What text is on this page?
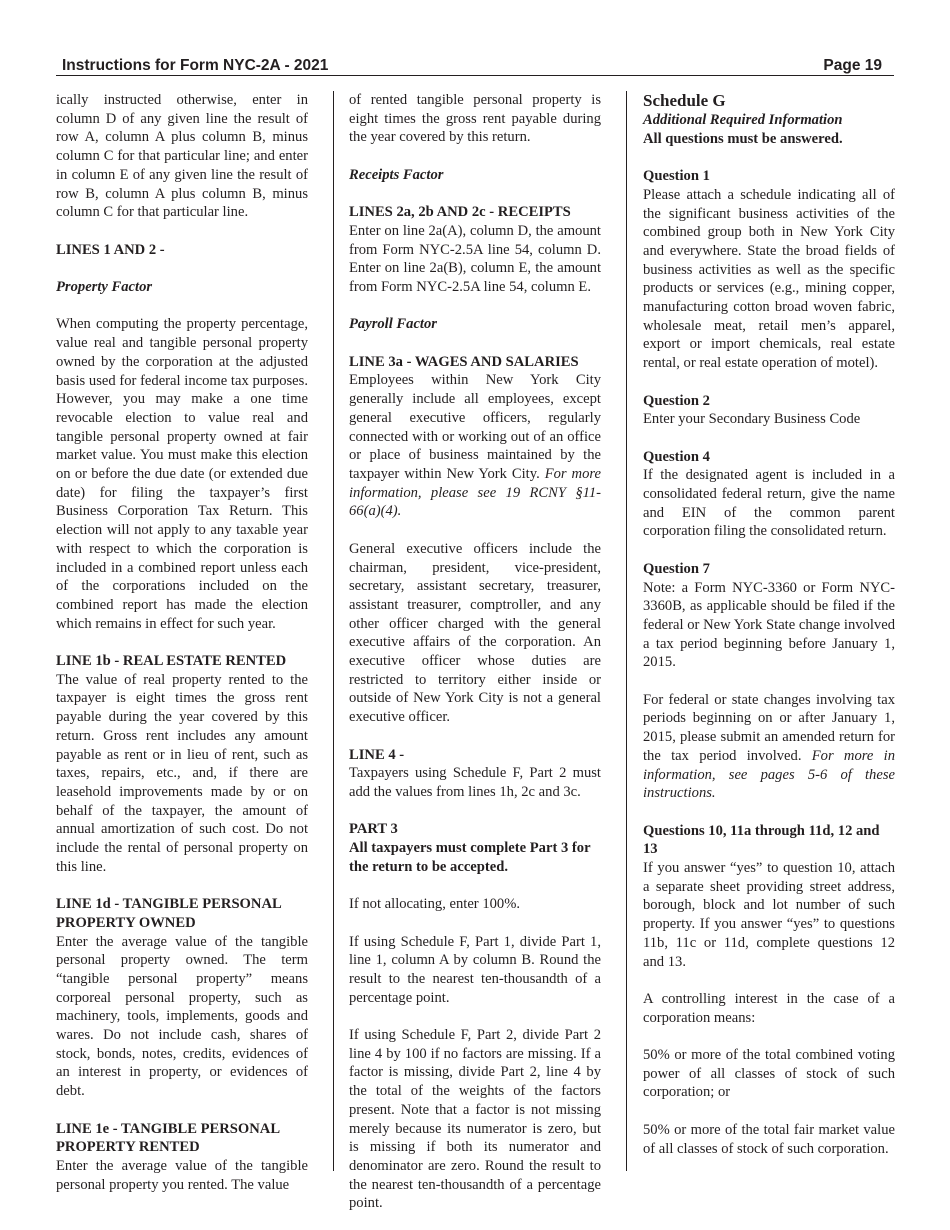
Instructions for Form NYC-2A - 2021	Page 19

ically instructed otherwise, enter in column D of any given line the result of row A, column A plus column B, minus column C for that particular line; and enter in column E of any given line the result of row B, column A plus column B, minus column C for that particular line.

LINES 1 AND 2 -

Property Factor

When computing the property percentage, value real and tangible personal property owned by the corporation at the adjusted basis used for federal income tax purposes. However, you may make a one time revocable election to value real and tangible personal property owned at fair market value. You must make this election on or before the due date (or extended due date) for filing the taxpayer’s first Business Corporation Tax Return. This election will not apply to any taxable year with respect to which the corporation is included in a combined report unless each of the corporations included on the combined report has made the election which remains in effect for such year.

LINE 1b - REAL ESTATE RENTED

The value of real property rented to the taxpayer is eight times the gross rent payable during the year covered by this return. Gross rent includes any amount payable as rent or in lieu of rent, such as taxes, repairs, etc., and, if there are leasehold improvements made by or on behalf of the taxpayer, the amount of annual amortization of such cost. Do not include the rental of personal property on this line.

LINE 1d - TANGIBLE PERSONAL PROPERTY OWNED

Enter the average value of the tangible personal property owned. The term “tangible personal property” means corporeal personal property, such as machinery, tools, implements, goods and wares. Do not include cash, shares of stock, bonds, notes, credits, evidences of an interest in property, or evidences of debt.

LINE 1e - TANGIBLE PERSONAL PROPERTY RENTED

Enter the average value of the tangible personal property you rented. The value

of rented tangible personal property is eight times the gross rent payable during the year covered by this return.

Receipts Factor

LINES 2a, 2b AND 2c - RECEIPTS

Enter on line 2a(A), column D, the amount from Form NYC-2.5A line 54, column D. Enter on line 2a(B), column E, the amount from Form NYC-2.5A line 54, column E.

Payroll Factor

LINE 3a - WAGES AND SALARIES

Employees within New York City generally include all employees, except general executive officers, regularly connected with or working out of an office or place of business maintained by the taxpayer within New York City. For more information, please see 19 RCNY §11- 66(a)(4).

General executive officers include the chairman, president, vice-president, secretary, assistant secretary, treasurer, assistant treasurer, comptroller, and any other officer charged with the general executive affairs of the corporation. An executive officer whose duties are restricted to territory either inside or outside of New York City is not a general executive officer.

LINE 4 -

Taxpayers using Schedule F, Part 2 must add the values from lines 1h, 2c and 3c.

PART 3

All taxpayers must complete Part 3 for the return to be accepted.

If not allocating, enter 100%.

If using Schedule F, Part 1, divide Part 1, line 1, column A by column B. Round the result to the nearest ten-thousandth of a percentage point.

If using Schedule F, Part 2, divide Part 2 line 4 by 100 if no factors are missing. If a factor is missing, divide Part 2, line 4 by the total of the weights of the factors present. Note that a factor is not missing merely because its numerator is zero, but is missing if both its numerator and denominator are zero. Round the result to the nearest ten-thousandth of a percentage point.

Schedule G

Additional Required Information

All questions must be answered.

Question 1

Please attach a schedule indicating all of the significant business activities of the combined group both in New York City and everywhere. State the broad fields of business activities as well as the specific products or services (e.g., mining copper, manufacturing cotton broad woven fabric, wholesale meat, retail men’s apparel, export or import chemicals, real estate rental, or real estate operation of motel).

Question 2

Enter your Secondary Business Code

Question 4

If the designated agent is included in a consolidated federal return, give the name and EIN of the common parent corporation filing the consolidated return.

Question 7

Note: a Form NYC-3360 or Form NYC-3360B, as applicable should be filed if the federal or New York State change involved a tax period beginning before January 1, 2015.

For federal or state changes involving tax periods beginning on or after January 1, 2015, please submit an amended return for the tax period involved. For more in information, see pages 5-6 of these instructions.

Questions 10, 11a through 11d, 12 and 13

If you answer “yes” to question 10, attach a separate sheet providing street address, borough, block and lot number of such property. If you answer “yes” to questions 11b, 11c or 11d, complete questions 12 and 13.

A controlling interest in the case of a corporation means:

50% or more of the total combined voting power of all classes of stock of such corporation; or

50% or more of the total fair market value of all classes of stock of such corporation.
